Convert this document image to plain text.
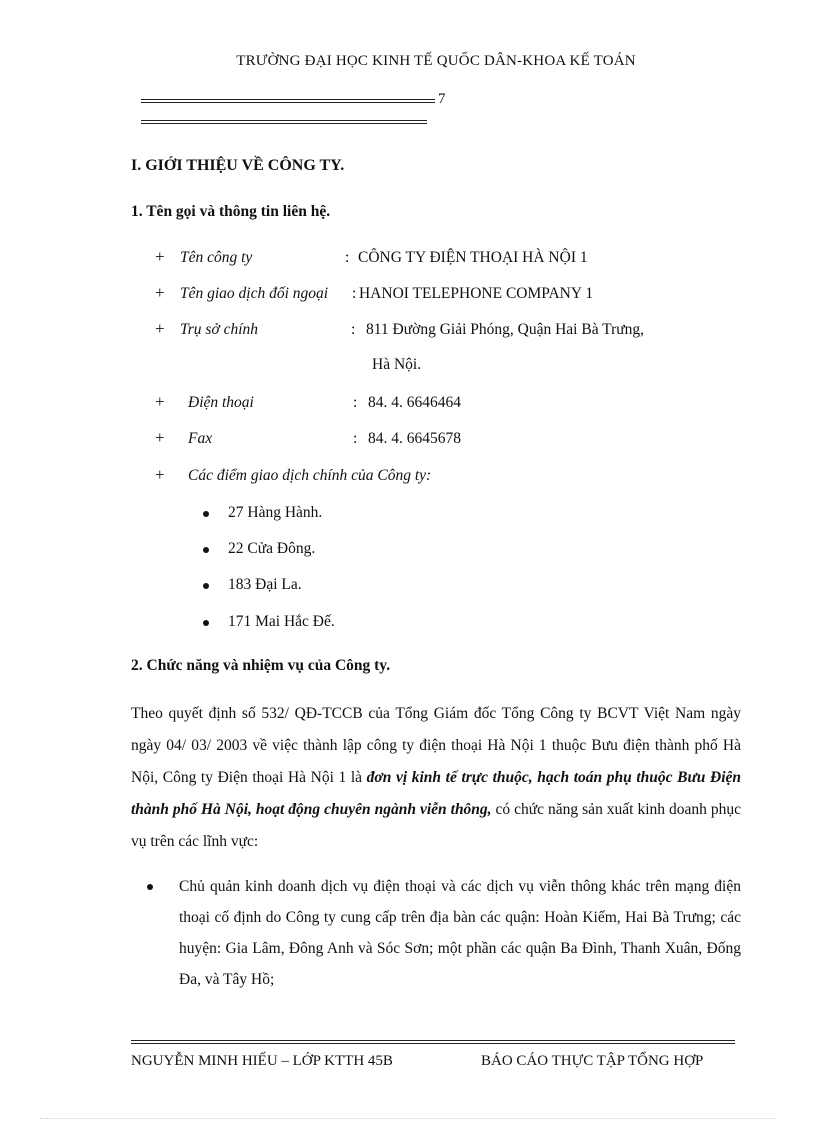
TRƯỜNG ĐẠI HỌC KINH TẾ QUỐC DÂN-KHOA KẾ TOÁN
7
I. GIỚI THIỆU VỀ CÔNG TY.
1. Tên gọi và thông tin liên hệ.
+ Tên công ty	: CÔNG TY ĐIỆN THOẠI HÀ NỘI 1
+ Tên giao dịch đối ngoại : HANOI TELEPHONE COMPANY 1
+ Trụ sở chính	: 811 Đường Giải Phóng, Quận Hai Bà Trưng,
Hà Nội.
+ Điện thoại	: 84. 4. 6646464
+ Fax	: 84. 4. 6645678
+ Các điểm giao dịch chính của Công ty:
27 Hàng Hành.
22 Cửa Đông.
183 Đại La.
171 Mai Hắc Đế.
2. Chức năng và nhiệm vụ của Công ty.
Theo quyết định số 532/ QĐ-TCCB của Tổng Giám đốc Tổng Công ty BCVT Việt Nam ngày ngày 04/ 03/ 2003 về việc thành lập công ty điện thoại Hà Nội 1 thuộc Bưu điện thành phố Hà Nội, Công ty Điện thoại Hà Nội 1 là đơn vị kinh tế trực thuộc, hạch toán phụ thuộc Bưu Điện thành phố Hà Nội, hoạt động chuyên ngành viễn thông, có chức năng sản xuất kinh doanh phục vụ trên các lĩnh vực:
Chủ quản kinh doanh dịch vụ điện thoại và các dịch vụ viễn thông khác trên mạng điện thoại cố định do Công ty cung cấp trên địa bàn các quận: Hoàn Kiếm, Hai Bà Trưng; các huyện: Gia Lâm, Đông Anh và Sóc Sơn; một phần các quận Ba Đình, Thanh Xuân, Đống Đa, và Tây Hồ;
NGUYỄN MINH HIẾU – LỚP KTTH 45B	BÁO CÁO THỰC TẬP TỔNG HỢP
